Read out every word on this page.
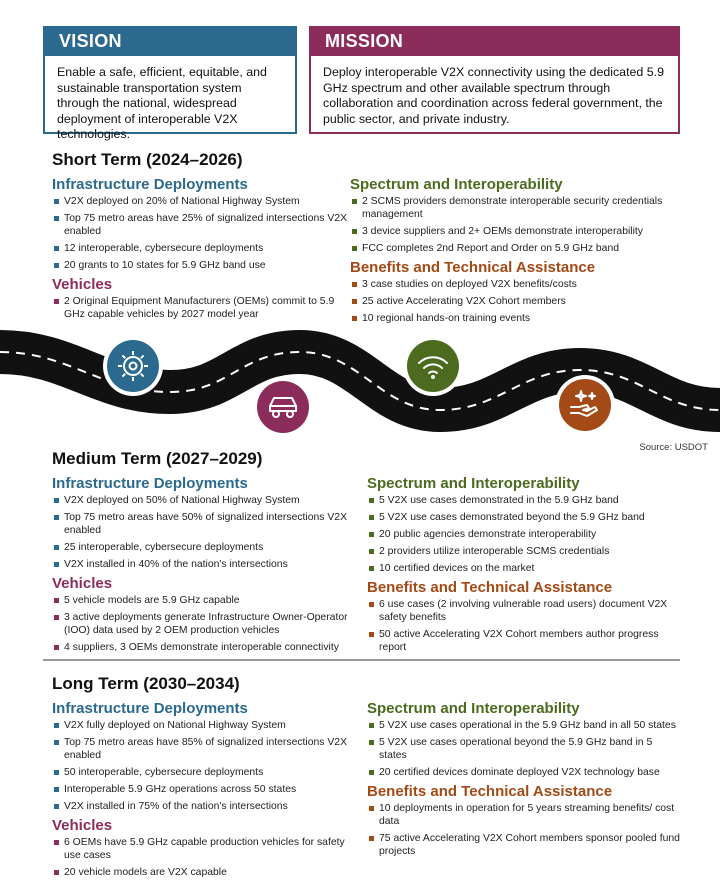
VISION
Enable a safe, efficient, equitable, and sustainable transportation system through the national, widespread deployment of interoperable V2X technologies.
MISSION
Deploy interoperable V2X connectivity using the dedicated 5.9 GHz spectrum and other available spectrum through collaboration and coordination across federal government, the public sector, and private industry.
Short Term (2024–2026)
Infrastructure Deployments
V2X deployed on 20% of National Highway System
Top 75 metro areas have 25% of signalized intersections V2X enabled
12 interoperable, cybersecure deployments
20 grants to 10 states for 5.9 GHz band use
Vehicles
2 Original Equipment Manufacturers (OEMs) commit to 5.9 GHz capable vehicles by 2027 model year
Spectrum and Interoperability
2 SCMS providers demonstrate interoperable security credentials management
3 device suppliers and 2+ OEMs demonstrate interoperability
FCC completes 2nd Report and Order on 5.9 GHz band
Benefits and Technical Assistance
3 case studies on deployed V2X benefits/costs
25 active Accelerating V2X Cohort members
10 regional hands-on training events
Source: USDOT
Medium Term (2027–2029)
Infrastructure Deployments
V2X deployed on 50% of National Highway System
Top 75 metro areas have 50% of signalized intersections V2X enabled
25 interoperable, cybersecure deployments
V2X installed in 40% of the nation's intersections
Vehicles
5 vehicle models are 5.9 GHz capable
3 active deployments generate Infrastructure Owner-Operator (IOO) data used by 2 OEM production vehicles
4 suppliers, 3 OEMs demonstrate interoperable connectivity
Spectrum and Interoperability
5 V2X use cases demonstrated in the 5.9 GHz band
5 V2X use cases demonstrated beyond the 5.9 GHz band
20 public agencies demonstrate interoperability
2 providers utilize interoperable SCMS credentials
10 certified devices on the market
Benefits and Technical Assistance
6 use cases (2 involving vulnerable road users) document V2X safety benefits
50 active Accelerating V2X Cohort members author progress report
Long Term (2030–2034)
Infrastructure Deployments
V2X fully deployed on National Highway System
Top 75 metro areas have 85% of signalized intersections V2X enabled
50 interoperable, cybersecure deployments
Interoperable 5.9 GHz operations across 50 states
V2X installed in 75% of the nation's intersections
Vehicles
6 OEMs have 5.9 GHz capable production vehicles for safety use cases
20 vehicle models are V2X capable
Spectrum and Interoperability
5 V2X use cases operational in the 5.9 GHz band in all 50 states
5 V2X use cases operational beyond the 5.9 GHz band in 5 states
20 certified devices dominate deployed V2X technology base
Benefits and Technical Assistance
10 deployments in operation for 5 years streaming benefits/ cost data
75 active Accelerating V2X Cohort members sponsor pooled fund projects
